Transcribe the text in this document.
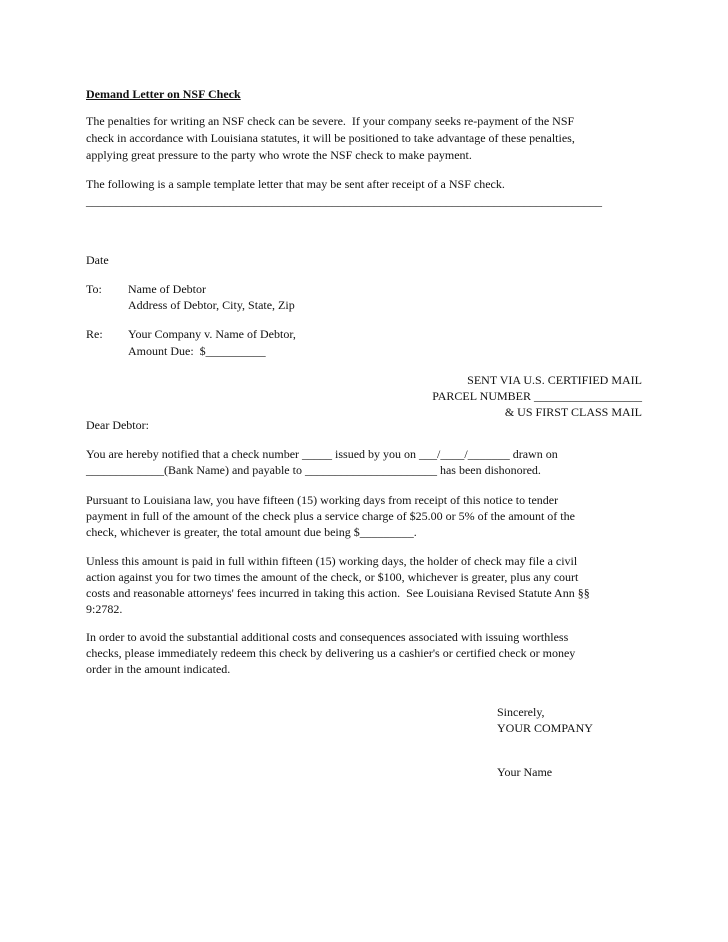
Demand Letter on NSF Check
The penalties for writing an NSF check can be severe.  If your company seeks re-payment of the NSF
check in accordance with Louisiana statutes, it will be positioned to take advantage of these penalties,
applying great pressure to the party who wrote the NSF check to make payment.
The following is a sample template letter that may be sent after receipt of a NSF check.
______________________________________________________________________________________
Date
To: Name of Debtor
Address of Debtor, City, State, Zip
Re: Your Company v. Name of Debtor,
Amount Due:  $__________
SENT VIA U.S. CERTIFIED MAIL
PARCEL NUMBER __________________
& US FIRST CLASS MAIL
Dear Debtor:
You are hereby notified that a check number _____ issued by you on ___/____/_______ drawn on
_____________(Bank Name) and payable to ______________________ has been dishonored.
Pursuant to Louisiana law, you have fifteen (15) working days from receipt of this notice to tender
payment in full of the amount of the check plus a service charge of $25.00 or 5% of the amount of the
check, whichever is greater, the total amount due being $_________.
Unless this amount is paid in full within fifteen (15) working days, the holder of check may file a civil
action against you for two times the amount of the check, or $100, whichever is greater, plus any court
costs and reasonable attorneys' fees incurred in taking this action.  See Louisiana Revised Statute Ann §§
9:2782.
In order to avoid the substantial additional costs and consequences associated with issuing worthless
checks, please immediately redeem this check by delivering us a cashier's or certified check or money
order in the amount indicated.
Sincerely,
YOUR COMPANY
Your Name
